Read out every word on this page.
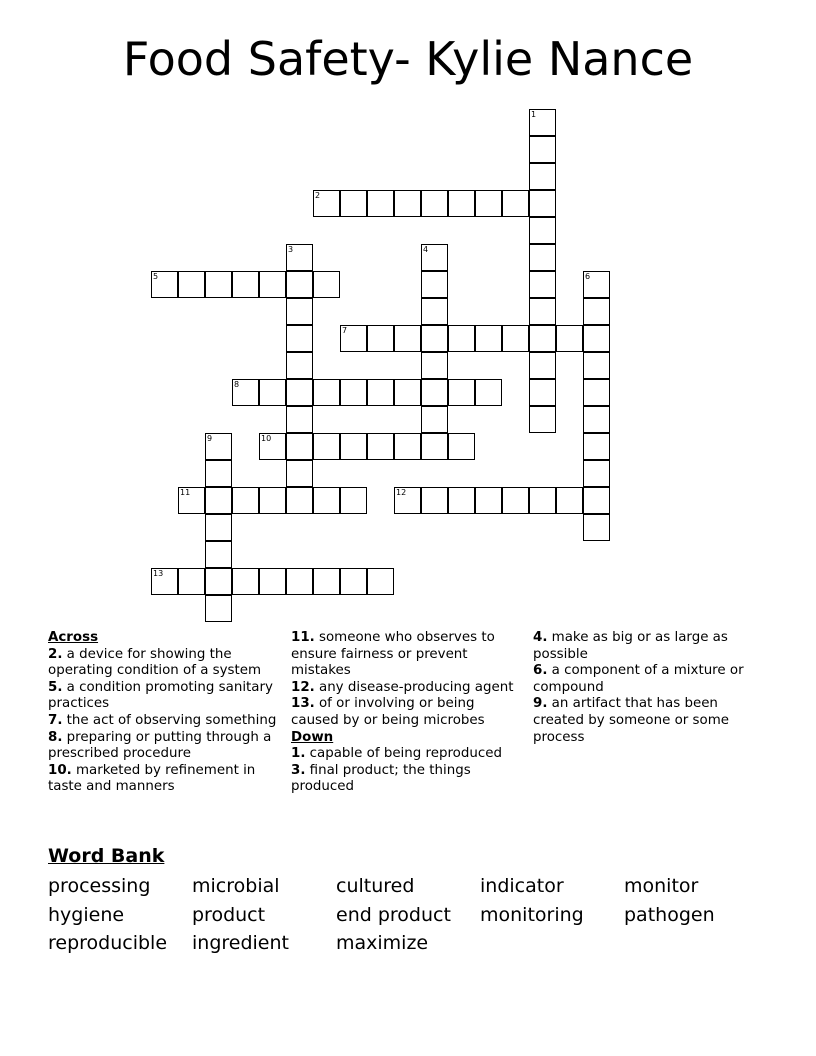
Food Safety- Kylie Nance
1
2
3	4
5	6
7
8
9	10
11	12
13
Across
2. a device for showing the operating condition of a system
5. a condition promoting sanitary practices
7. the act of observing something
8. preparing or putting through a prescribed procedure
10. marketed by refinement in taste and manners
11. someone who observes to ensure fairness or prevent mistakes
12. any disease-producing agent
13. of or involving or being caused by or being microbes
Down
1. capable of being reproduced
3. final product; the things produced
4. make as big or as large as possible
6. a component of a mixture or compound
9. an artifact that has been created by someone or some process
Word Bank
processing microbial	cultured	indicator	monitor
hygiene	product	end product monitoring pathogen
reproducible ingredient maximize
